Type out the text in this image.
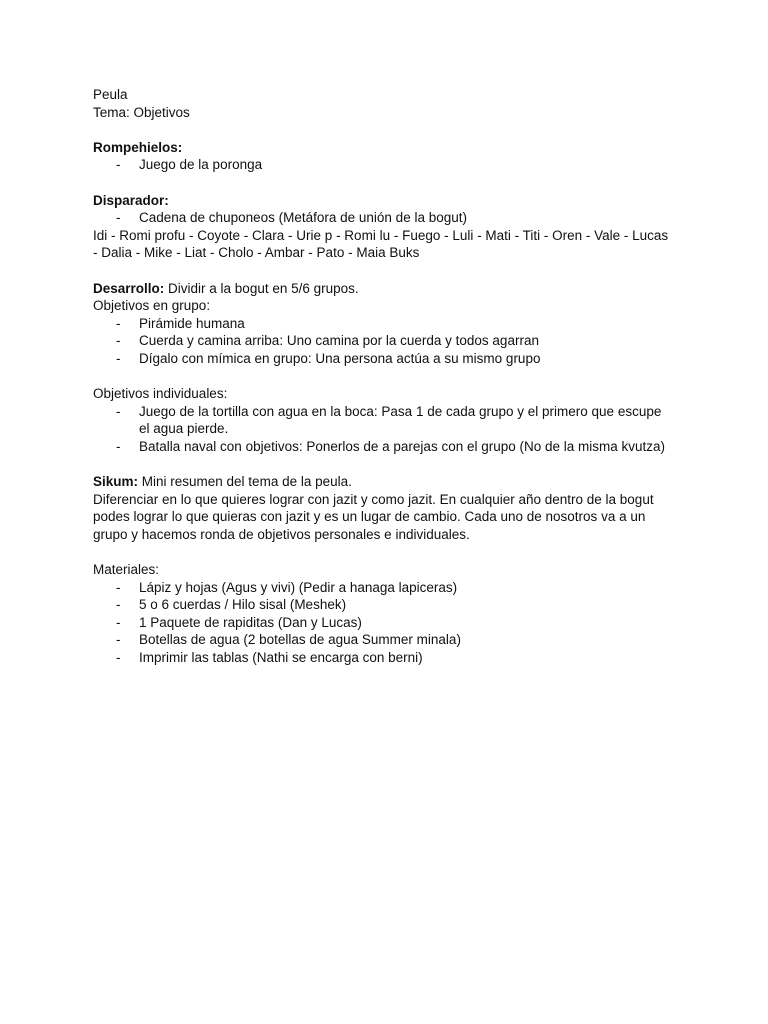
Peula

Tema: Objetivos

Rompehielos:

- Juego de la poronga

Disparador:

- Cadena de chuponeos (Metáfora de unión de la bogut)

Idi - Romi profu - Coyote - Clara - Urie p - Romi lu - Fuego - Luli - Mati - Titi - Oren - Vale - Lucas - Dalia - Mike - Liat - Cholo - Ambar - Pato - Maia Buks

Desarrollo: Dividir a la bogut en 5/6 grupos.

Objetivos en grupo:

- Pirámide humana
- Cuerda y camina arriba: Uno camina por la cuerda y todos agarran
- Dígalo con mímica en grupo: Una persona actúa a su mismo grupo

Objetivos individuales:

- Juego de la tortilla con agua en la boca: Pasa 1 de cada grupo y el primero que escupe el agua pierde.
- Batalla naval con objetivos: Ponerlos de a parejas con el grupo (No de la misma kvutza)

Sikum: Mini resumen del tema de la peula.

Diferenciar en lo que quieres lograr con jazit y como jazit. En cualquier año dentro de la bogut podes lograr lo que quieras con jazit y es un lugar de cambio. Cada uno de nosotros va a un grupo y hacemos ronda de objetivos personales e individuales.

Materiales:

- Lápiz y hojas (Agus y vivi) (Pedir a hanaga lapiceras)
- 5 o 6 cuerdas / Hilo sisal (Meshek)
- 1 Paquete de rapiditas (Dan y Lucas)
- Botellas de agua (2 botellas de agua Summer minala)
- Imprimir las tablas (Nathi se encarga con berni)
